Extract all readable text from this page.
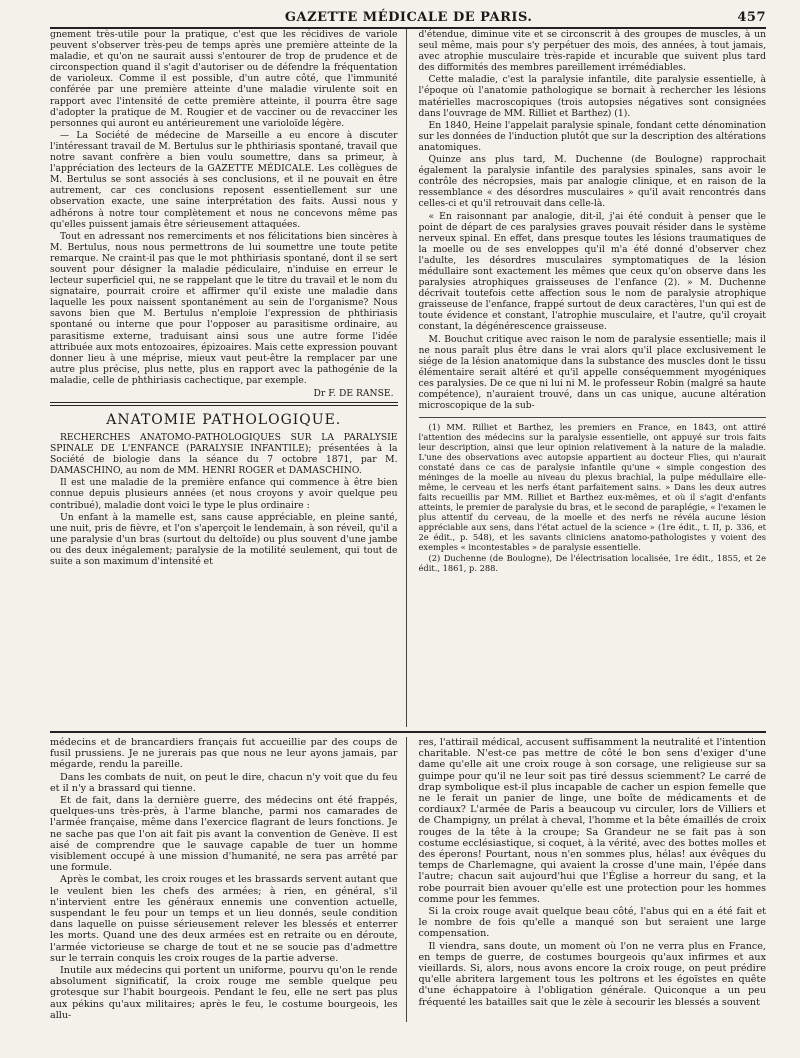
GAZETTE MÉDICALE DE PARIS.	457

gnement très-utile pour la pratique, c'est que les récidives de variole peuvent s'observer très-peu de temps après une première atteinte de la maladie, et qu'on ne saurait aussi s'entourer de trop de prudence et de circonspection quand il s'agit d'autoriser ou de défendre la fréquentation de varioleux. Comme il est possible, d'un autre côté, que l'immunité conférée par une première atteinte d'une maladie virulente soit en rapport avec l'intensité de cette première atteinte, il pourra être sage d'adopter la pratique de M. Rougier et de vacciner ou de revacciner les personnes qui auront eu antérieurement une varioloïde légère.

— La Société de médecine de Marseille a eu encore à discuter l'intéressant travail de M. Bertulus sur le phthiriasis spontané, travail que notre savant confrère a bien voulu soumettre, dans sa primeur, à l'appréciation des lecteurs de la GAZETTE MÉDICALE. Les collègues de M. Bertulus se sont associés à ses conclusions, et il ne pouvait en être autrement, car ces conclusions reposent essentiellement sur une observation exacte, une saine interprétation des faits. Aussi nous y adhérons à notre tour complètement et nous ne concevons même pas qu'elles puissent jamais être sérieusement attaquées.

Tout en adressant nos remerciments et nos félicitations bien sincères à M. Bertulus, nous nous permettrons de lui soumettre une toute petite remarque. Ne craint-il pas que le mot phthiriasis spontané, dont il se sert souvent pour désigner la maladie pédiculaire, n'induise en erreur le lecteur superficiel qui, ne se rappelant que le titre du travail et le nom du signataire, pourrait croire et affirmer qu'il existe une maladie dans laquelle les poux naissent spontanément au sein de l'organisme? Nous savons bien que M. Bertulus n'emploie l'expression de phthiriasis spontané ou interne que pour l'opposer au parasitisme ordinaire, au parasitisme externe, traduisant ainsi sous une autre forme l'idée attribuée aux mots entozoaires, épizoaires. Mais cette expression pouvant donner lieu à une méprise, mieux vaut peut-être la remplacer par une autre plus précise, plus nette, plus en rapport avec la pathogénie de la maladie, celle de phthiriasis cachectique, par exemple.

Dr F. DE RANSE.
ANATOMIE PATHOLOGIQUE.

RECHERCHES ANATOMO-PATHOLOGIQUES SUR LA PARALYSIE SPINALE DE L'ENFANCE (PARALYSIE INFANTILE); présentées à la Société de biologie dans la séance du 7 octobre 1871, par M. DAMASCHINO, au nom de MM. HENRI ROGER et DAMASCHINO.

Il est une maladie de la première enfance qui commence à être bien connue depuis plusieurs années (et nous croyons y avoir quelque peu contribué), maladie dont voici le type le plus ordinaire :

Un enfant à la mamelle est, sans cause appréciable, en pleine santé, une nuit, pris de fièvre, et l'on s'aperçoit le lendemain, à son réveil, qu'il a une paralysie d'un bras (surtout du deltoïde) ou plus souvent d'une jambe ou des deux inégalement; paralysie de la motilité seulement, qui tout de suite a son maximum d'intensité et

d'étendue, diminue vite et se circonscrit à des groupes de muscles, à un seul même, mais pour s'y perpétuer des mois, des années, à tout jamais, avec atrophie musculaire très-rapide et incurable que suivent plus tard des difformités des membres pareillement irrémédiables.

Cette maladie, c'est la paralysie infantile, dite paralysie essentielle, à l'époque où l'anatomie pathologique se bornait à rechercher les lésions matérielles macroscopiques (trois autopsies négatives sont consignées dans l'ouvrage de MM. Rilliet et Barthez) (1).

En 1840, Heine l'appelait paralysie spinale, fondant cette dénomination sur les données de l'induction plutôt que sur la description des altérations anatomiques.

Quinze ans plus tard, M. Duchenne (de Boulogne) rapprochait également la paralysie infantile des paralysies spinales, sans avoir le contrôle des nécropsies, mais par analogie clinique, et en raison de la ressemblance « des désordres musculaires » qu'il avait rencontrés dans celles-ci et qu'il retrouvait dans celle-là.

« En raisonnant par analogie, dit-il, j'ai été conduit à penser que le point de départ de ces paralysies graves pouvait résider dans le système nerveux spinal. En effet, dans presque toutes les lésions traumatiques de la moelle ou de ses enveloppes qu'il m'a été donné d'observer chez l'adulte, les désordres musculaires symptomatiques de la lésion médullaire sont exactement les mêmes que ceux qu'on observe dans les paralysies atrophiques graisseuses de l'enfance (2). » M. Duchenne décrivait toutefois cette affection sous le nom de paralysie atrophique graisseuse de l'enfance, frappé surtout de deux caractères, l'un qui est de toute évidence et constant, l'atrophie musculaire, et l'autre, qu'il croyait constant, la dégénérescence graisseuse.

M. Bouchut critique avec raison le nom de paralysie essentielle; mais il ne nous paraît plus être dans le vrai alors qu'il place exclusivement le siége de la lésion anatomique dans la substance des muscles dont le tissu élémentaire serait altéré et qu'il appelle conséquemment myogéniques ces paralysies. De ce que ni lui ni M. le professeur Robin (malgré sa haute compétence), n'auraient trouvé, dans un cas unique, aucune altération microscopique de la sub-

(1) MM. Rilliet et Barthez, les premiers en France, en 1843, ont attiré l'attention des médecins sur la paralysie essentielle, ont appuyé sur trois faits leur description, ainsi que leur opinion relativement à la nature de la maladie. L'une des observations avec autopsie appartient au docteur Flies, qui n'aurait constaté dans ce cas de paralysie infantile qu'une « simple congestion des méninges de la moelle au niveau du plexus brachial, la pulpe médullaire elle-même, le cerveau et les nerfs étant parfaitement sains. » Dans les deux autres faits recueillis par MM. Rilliet et Barthez eux-mêmes, et où il s'agit d'enfants atteints, le premier de paralysie du bras, et le second de paraplégie, « l'examen le plus attentif du cerveau, de la moelle et des nerfs ne révéla aucune lésion appréciable aux sens, dans l'état actuel de la science » (1re édit., t. II, p. 336, et 2e édit., p. 548), et les savants cliniciens anatomo-pathologistes y voient des exemples « incontestables » de paralysie essentielle.

(2) Duchenne (de Boulogne), De l'électrisation localisée, 1re édit., 1855, et 2e édit., 1861, p. 288.

médecins et de brancardiers français fut accueillie par des coups de fusil prussiens. Je ne jurerais pas que nous ne leur ayons jamais, par mégarde, rendu la pareille.

Dans les combats de nuit, on peut le dire, chacun n'y voit que du feu et il n'y a brassard qui tienne.

Et de fait, dans la dernière guerre, des médecins ont été frappés, quelques-uns très-près, à l'arme blanche, parmi nos camarades de l'armée française, même dans l'exercice flagrant de leurs fonctions. Je ne sache pas que l'on ait fait pis avant la convention de Genève. Il est aisé de comprendre que le sauvage capable de tuer un homme visiblement occupé à une mission d'humanité, ne sera pas arrêté par une formule.

Après le combat, les croix rouges et les brassards servent autant que le veulent bien les chefs des armées; à rien, en général, s'il n'intervient entre les généraux ennemis une convention actuelle, suspendant le feu pour un temps et un lieu donnés, seule condition dans laquelle on puisse sérieusement relever les blessés et enterrer les morts. Quand une des deux armées est en retraite ou en déroute, l'armée victorieuse se charge de tout et ne se soucie pas d'admettre sur le terrain conquis les croix rouges de la partie adverse.

Inutile aux médecins qui portent un uniforme, pourvu qu'on le rende absolument significatif, la croix rouge me semble quelque peu grotesque sur l'habit bourgeois. Pendant le feu, elle ne sert pas plus aux pékins qu'aux militaires; après le feu, le costume bourgeois, les allu-

res, l'attirail médical, accusent suffisamment la neutralité et l'intention charitable. N'est-ce pas mettre de côté le bon sens d'exiger d'une dame qu'elle ait une croix rouge à son corsage, une religieuse sur sa guimpe pour qu'il ne leur soit pas tiré dessus sciemment? Le carré de drap symbolique est-il plus incapable de cacher un espion femelle que ne le ferait un panier de linge, une boîte de médicaments et de cordiaux? L'armée de Paris a beaucoup vu circuler, lors de Villiers et de Champigny, un prélat à cheval, l'homme et la bête émaillés de croix rouges de la tête à la croupe; Sa Grandeur ne se fait pas à son costume ecclésiastique, si coquet, à la vérité, avec des bottes molles et des éperons! Pourtant, nous n'en sommes plus, hélas! aux évêques du temps de Charlemagne, qui avaient la crosse d'une main, l'épée dans l'autre; chacun sait aujourd'hui que l'Église a horreur du sang, et la robe pourrait bien avouer qu'elle est une protection pour les hommes comme pour les femmes.

Si la croix rouge avait quelque beau côté, l'abus qui en a été fait et le nombre de fois qu'elle a manqué son but seraient une large compensation.

Il viendra, sans doute, un moment où l'on ne verra plus en France, en temps de guerre, de costumes bourgeois qu'aux infirmes et aux vieillards. Si, alors, nous avons encore la croix rouge, on peut prédire qu'elle abritera largement tous les poltrons et les égoïstes en quête d'une échappatoire à l'obligation générale. Quiconque a un peu fréquenté les batailles sait que le zèle à secourir les blessés a souvent
